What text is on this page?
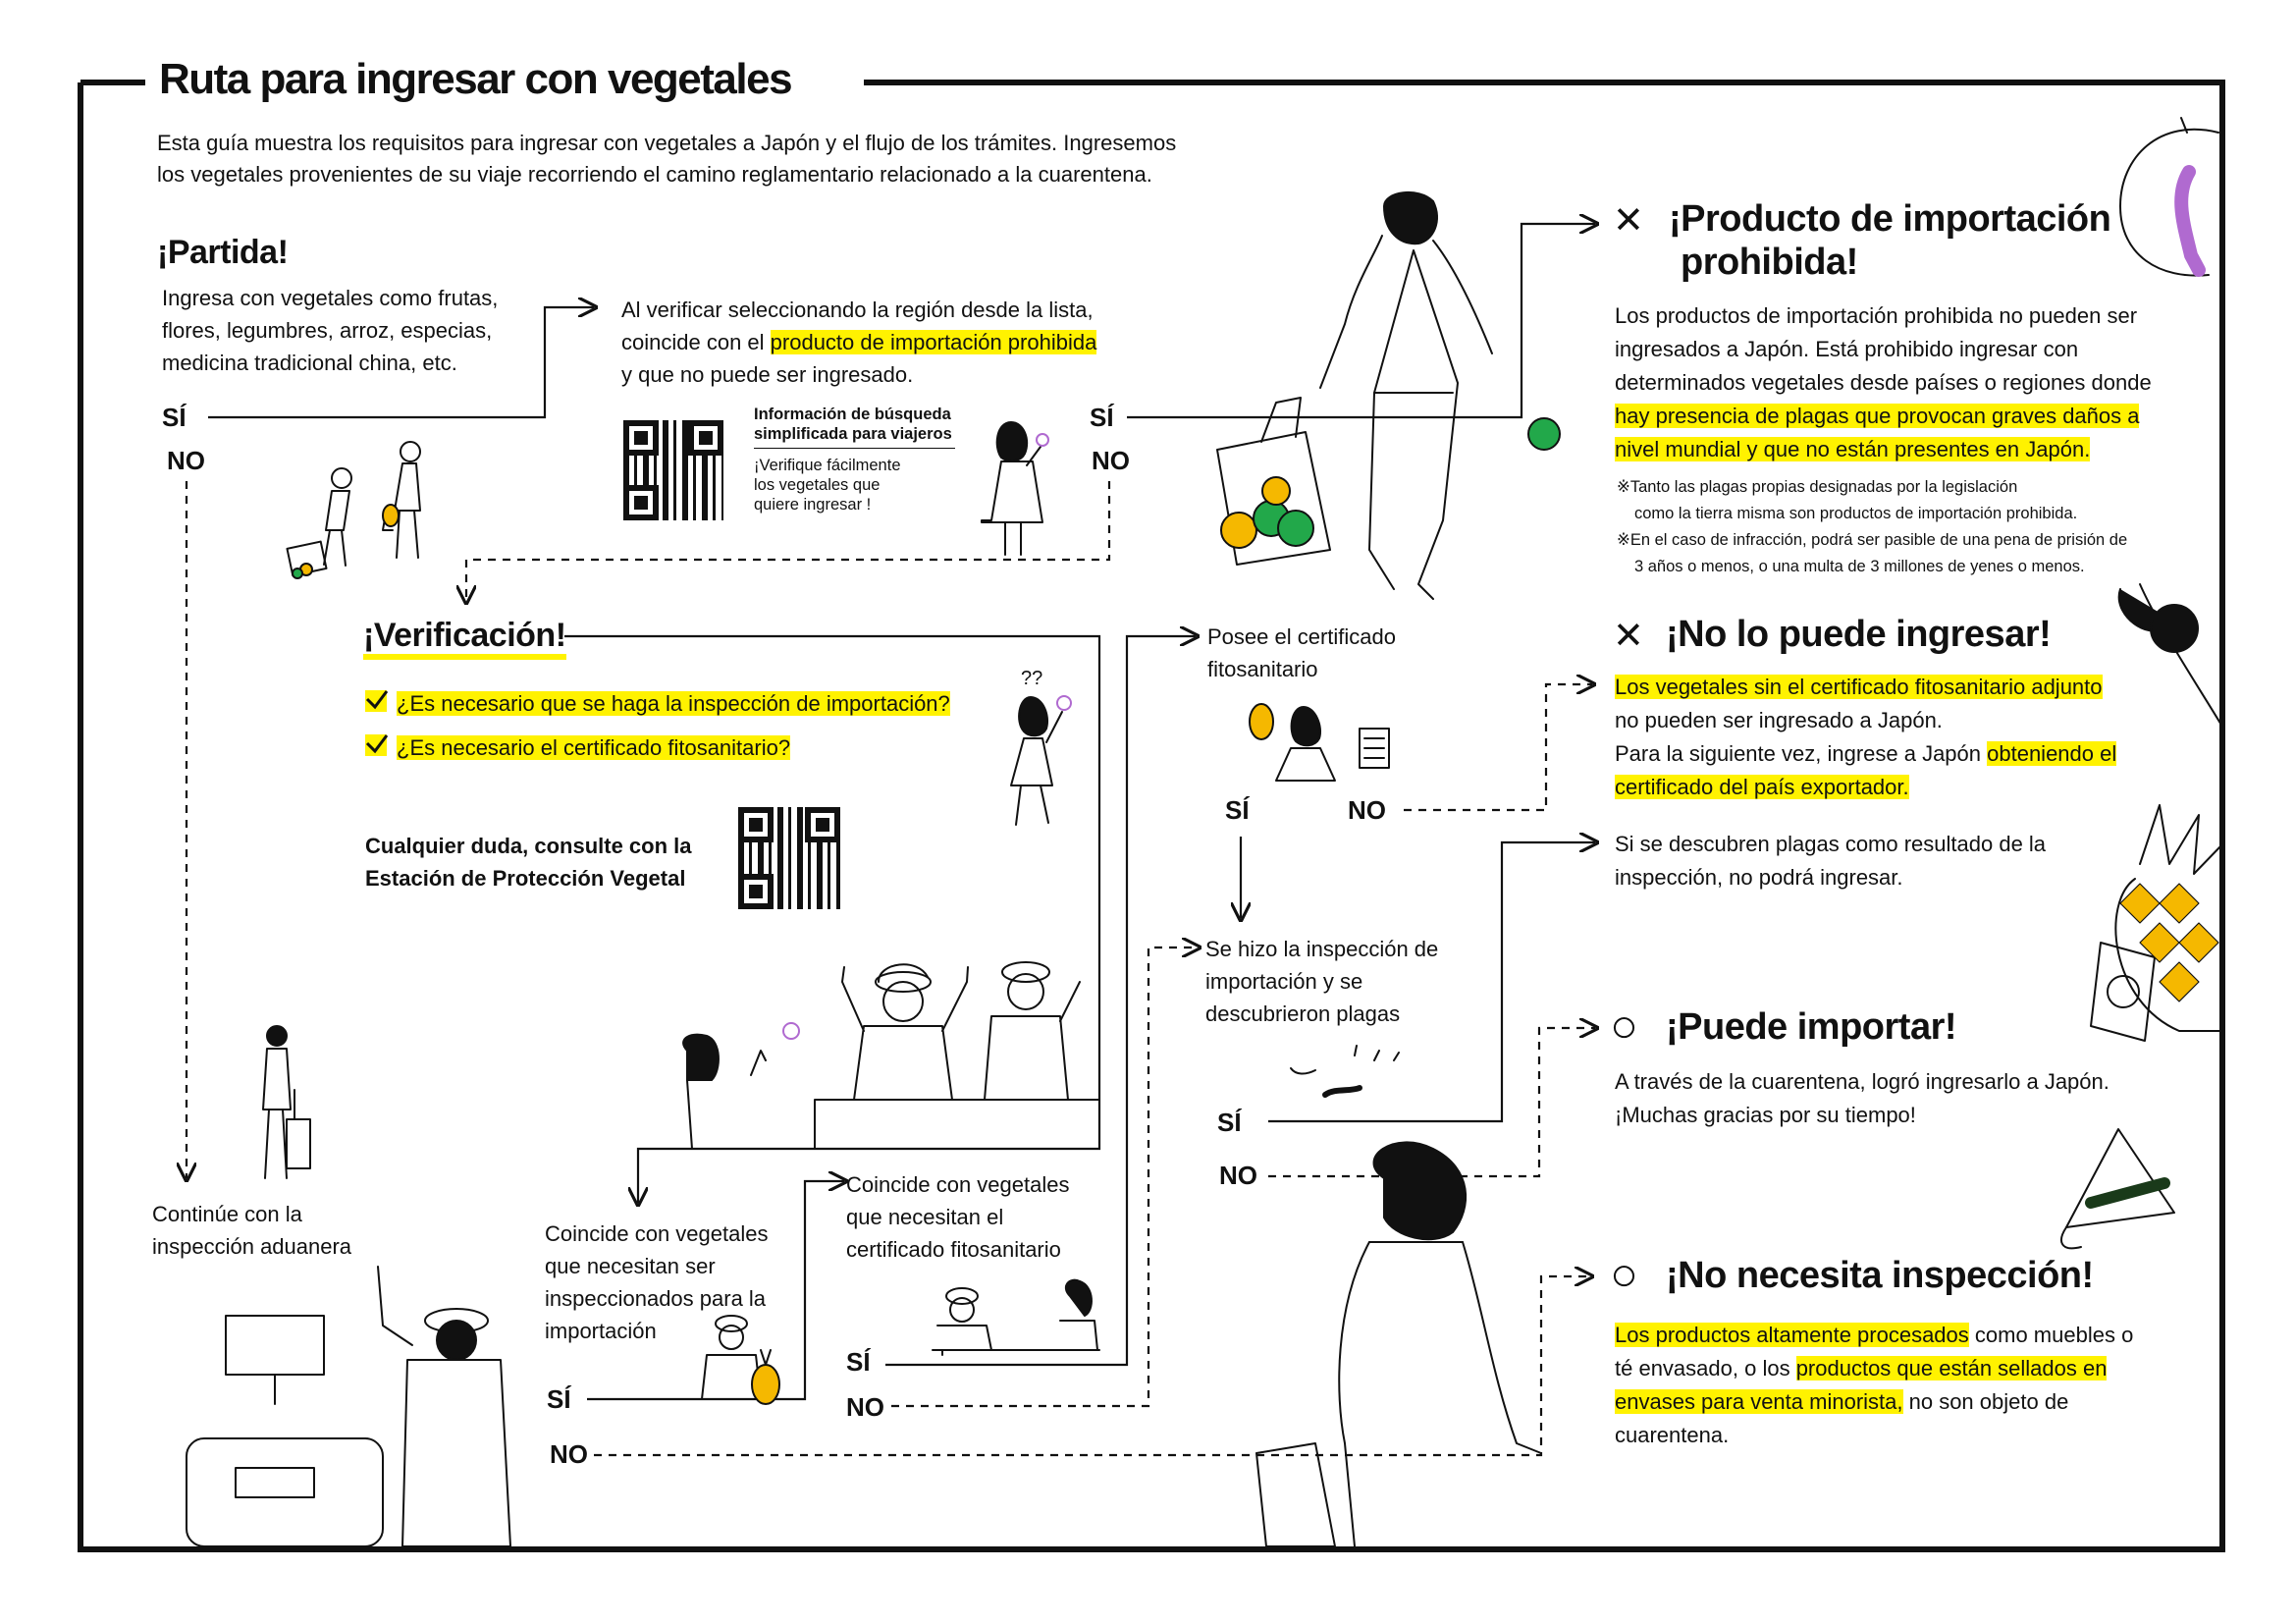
Ruta para ingresar con vegetales
Esta guía muestra los requisitos para ingresar con vegetales a Japón y el flujo de los trámites. Ingresemos
los vegetales provenientes de su viaje recorriendo el camino reglamentario relacionado a la cuarentena.
¡Partida!
Ingresa con vegetales como frutas,
flores, legumbres, arroz, especias,
medicina tradicional china, etc.
SÍ
NO
Al verificar seleccionando la región desde la lista,
coincide con el producto de importación prohibida
y que no puede ser ingresado.
Información de búsqueda
simplificada para viajeros
¡Verifique fácilmente
los vegetales que
quiere ingresar !
SÍ
NO
¡Verificación!
¿Es necesario que se haga la inspección de importación?
¿Es necesario el certificado fitosanitario?
??
Cualquier duda, consulte con la
Estación de Protección Vegetal
Continúe con la
inspección aduanera
Coincide con vegetales
que necesitan ser
inspeccionados para la
importación
SÍ
NO
Coincide con vegetales
que necesitan el
certificado fitosanitario
SÍ
NO
Posee el certificado
fitosanitario
SÍ	NO
Se hizo la inspección de
importación y se
descubrieron plagas
SÍ
NO
✕ ¡Producto de importación
prohibida!
Los productos de importación prohibida no pueden ser
ingresados a Japón. Está prohibido ingresar con
determinados vegetales desde países o regiones donde
hay presencia de plagas que provocan graves daños a
nivel mundial y que no están presentes en Japón.
※Tanto las plagas propias designadas por la legislación
como la tierra misma son productos de importación prohibida.
※En el caso de infracción, podrá ser pasible de una pena de prisión de
3 años o menos, o una multa de 3 millones de yenes o menos.
✕ ¡No lo puede ingresar!
Los vegetales sin el certificado fitosanitario adjunto
no pueden ser ingresado a Japón.
Para la siguiente vez, ingrese a Japón obteniendo el
certificado del país exportador.
Si se descubren plagas como resultado de la
inspección, no podrá ingresar.
○ ¡Puede importar!
A través de la cuarentena, logró ingresarlo a Japón.
¡Muchas gracias por su tiempo!
○ ¡No necesita inspección!
Los productos altamente procesados como muebles o
té envasado, o los productos que están sellados en
envases para venta minorista, no son objeto de
cuarentena.
